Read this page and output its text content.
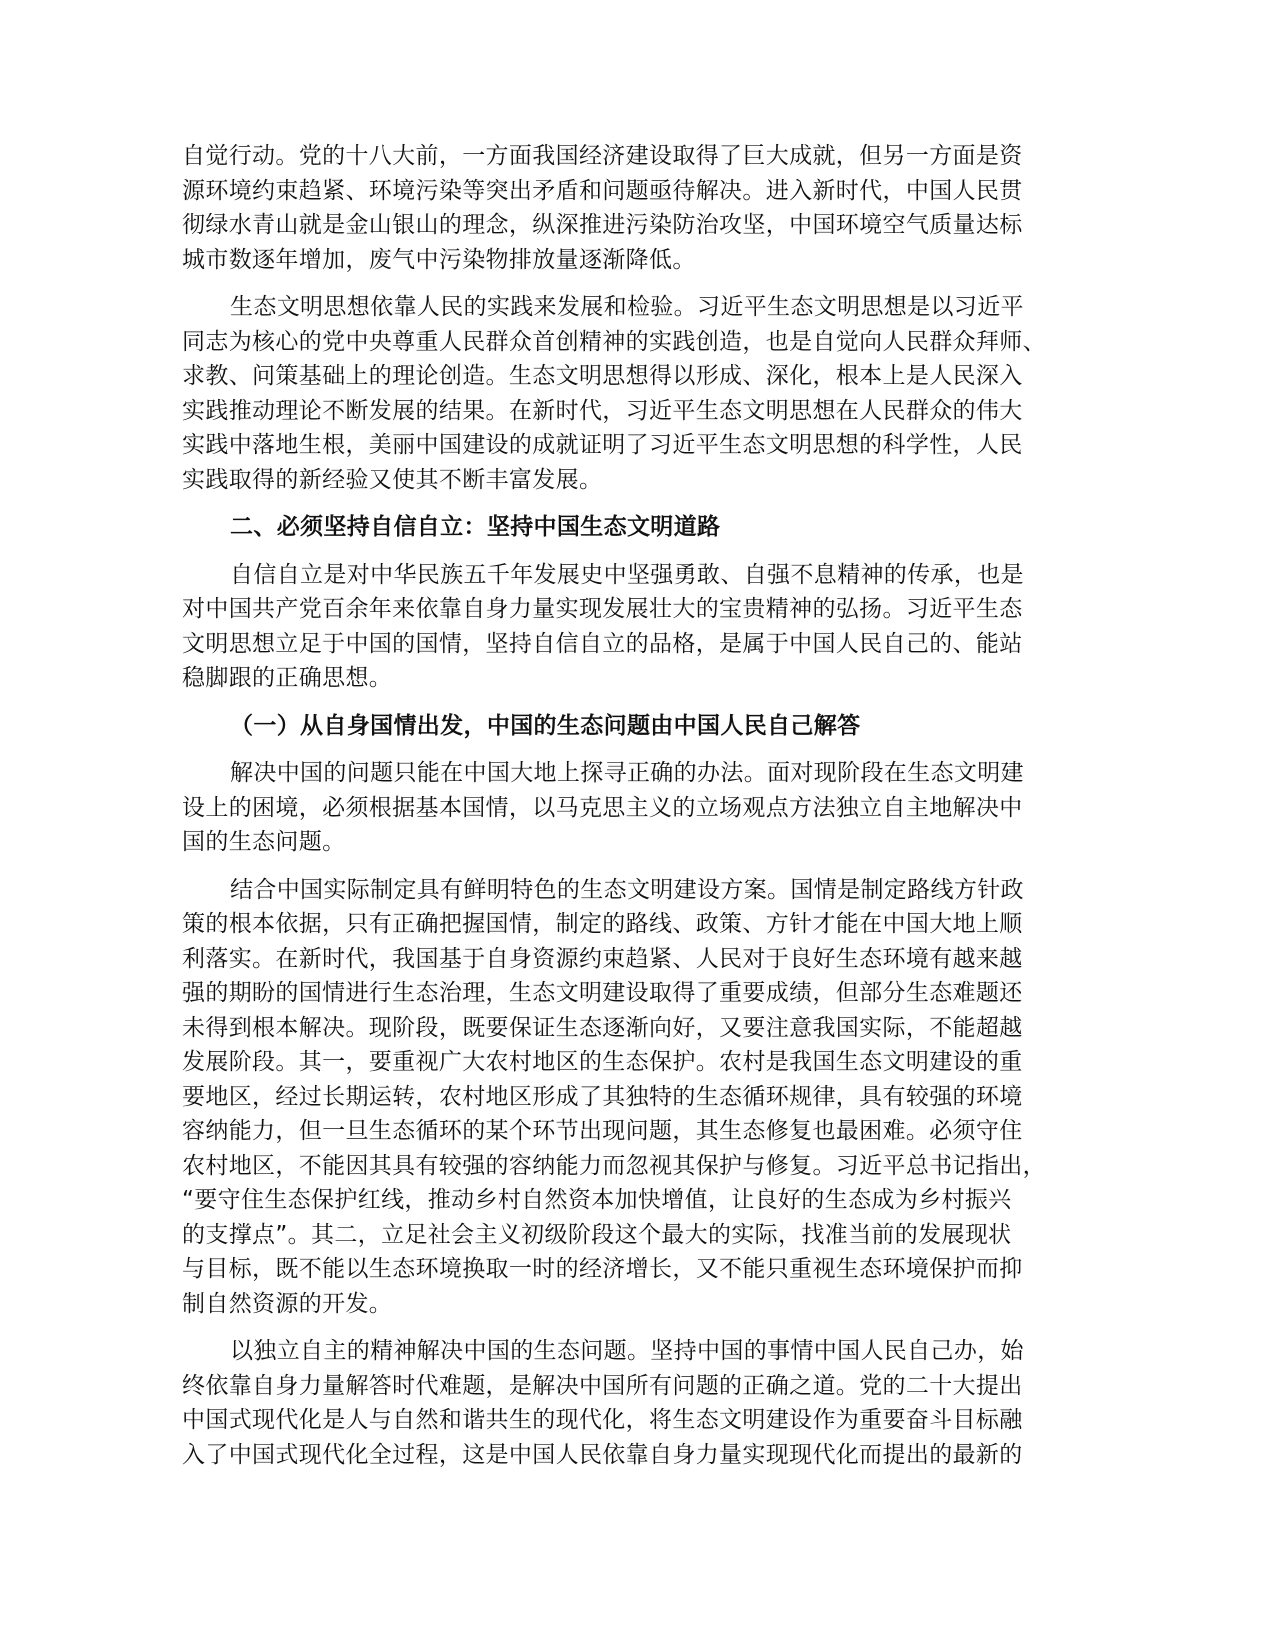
自觉行动。党的十八大前，一方面我国经济建设取得了巨大成就，但另一方面是资
源环境约束趋紧、环境污染等突出矛盾和问题亟待解决。进入新时代，中国人民贯
彻绿水青山就是金山银山的理念，纵深推进污染防治攻坚，中国环境空气质量达标
城市数逐年增加，废气中污染物排放量逐渐降低。
生态文明思想依靠人民的实践来发展和检验。习近平生态文明思想是以习近平
同志为核心的党中央尊重人民群众首创精神的实践创造，也是自觉向人民群众拜师、
求教、问策基础上的理论创造。生态文明思想得以形成、深化，根本上是人民深入
实践推动理论不断发展的结果。在新时代，习近平生态文明思想在人民群众的伟大
实践中落地生根，美丽中国建设的成就证明了习近平生态文明思想的科学性，人民
实践取得的新经验又使其不断丰富发展。
二、必须坚持自信自立：坚持中国生态文明道路
自信自立是对中华民族五千年发展史中坚强勇敢、自强不息精神的传承，也是
对中国共产党百余年来依靠自身力量实现发展壮大的宝贵精神的弘扬。习近平生态
文明思想立足于中国的国情，坚持自信自立的品格，是属于中国人民自己的、能站
稳脚跟的正确思想。
（一）从自身国情出发，中国的生态问题由中国人民自己解答
解决中国的问题只能在中国大地上探寻正确的办法。面对现阶段在生态文明建
设上的困境，必须根据基本国情，以马克思主义的立场观点方法独立自主地解决中
国的生态问题。
结合中国实际制定具有鲜明特色的生态文明建设方案。国情是制定路线方针政
策的根本依据，只有正确把握国情，制定的路线、政策、方针才能在中国大地上顺
利落实。在新时代，我国基于自身资源约束趋紧、人民对于良好生态环境有越来越
强的期盼的国情进行生态治理，生态文明建设取得了重要成绩，但部分生态难题还
未得到根本解决。现阶段，既要保证生态逐渐向好，又要注意我国实际，不能超越
发展阶段。其一，要重视广大农村地区的生态保护。农村是我国生态文明建设的重
要地区，经过长期运转，农村地区形成了其独特的生态循环规律，具有较强的环境
容纳能力，但一旦生态循环的某个环节出现问题，其生态修复也最困难。必须守住
农村地区，不能因其具有较强的容纳能力而忽视其保护与修复。习近平总书记指出，
“要守住生态保护红线，推动乡村自然资本加快增值，让良好的生态成为乡村振兴
的支撑点”。其二，立足社会主义初级阶段这个最大的实际，找准当前的发展现状
与目标，既不能以生态环境换取一时的经济增长，又不能只重视生态环境保护而抑
制自然资源的开发。
以独立自主的精神解决中国的生态问题。坚持中国的事情中国人民自己办，始
终依靠自身力量解答时代难题，是解决中国所有问题的正确之道。党的二十大提出
中国式现代化是人与自然和谐共生的现代化，将生态文明建设作为重要奋斗目标融
入了中国式现代化全过程，这是中国人民依靠自身力量实现现代化而提出的最新的
